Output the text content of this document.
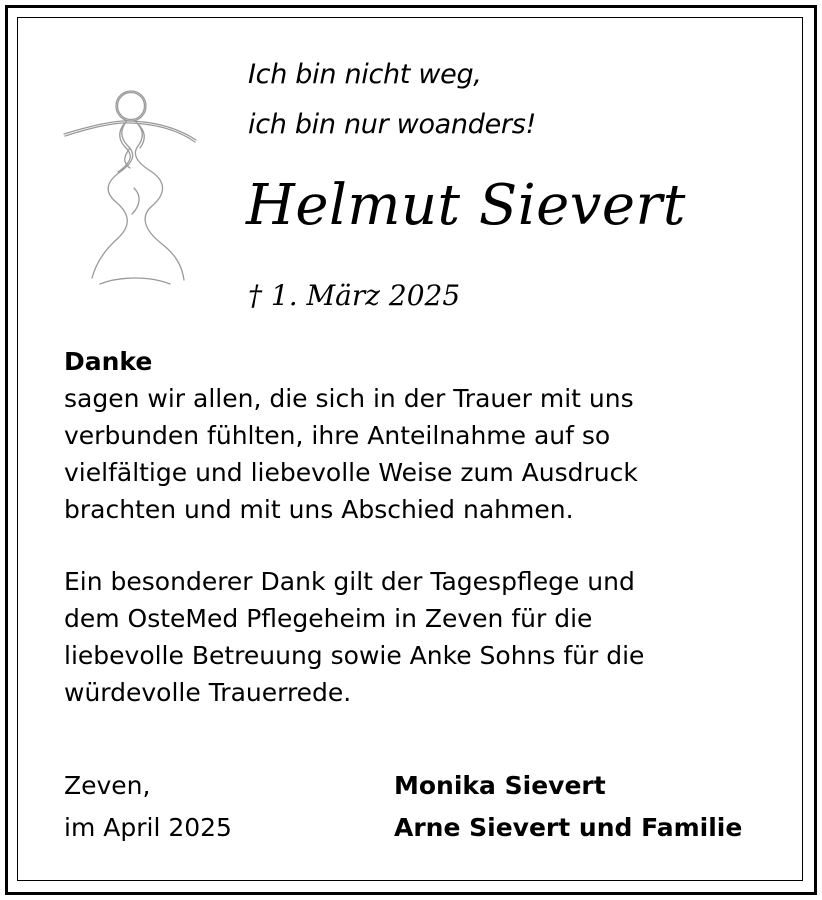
Ich bin nicht weg,
ich bin nur woanders!
Helmut Sievert
† 1. März 2025
Danke
sagen wir allen, die sich in der Trauer mit uns
verbunden fühlten, ihre Anteilnahme auf so
vielfältige und liebevolle Weise zum Ausdruck
brachten und mit uns Abschied nahmen.
Ein besonderer Dank gilt der Tagespflege und
dem OsteMed Pflegeheim in Zeven für die
liebevolle Betreuung sowie Anke Sohns für die
würdevolle Trauerrede.
Zeven,
im April 2025
Monika Sievert
Arne Sievert und Familie
